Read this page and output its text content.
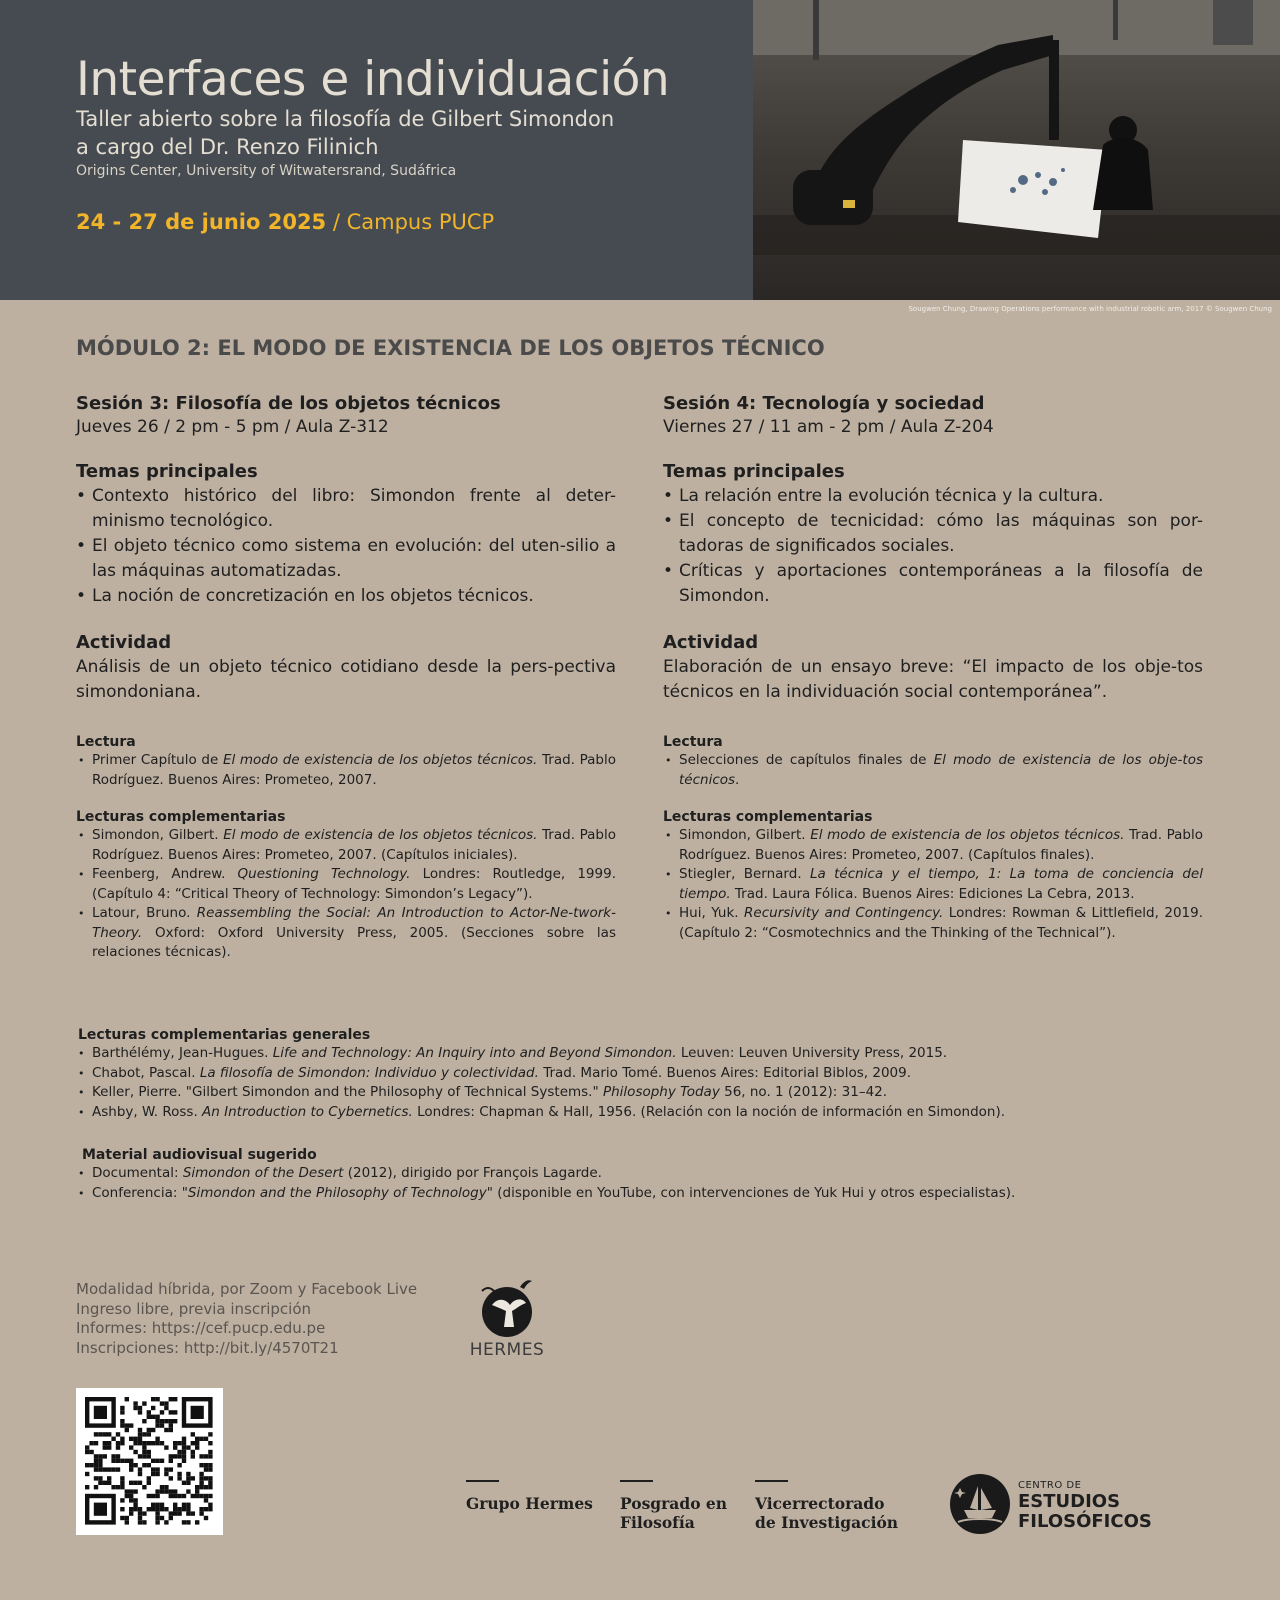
Interfaces e individuación
Taller abierto sobre la filosofía de Gilbert Simondon
a cargo del Dr. Renzo Filinich
Origins Center, University of Witwatersrand, Sudáfrica
24 - 27 de junio 2025 / Campus PUCP
Sougwen Chung, Drawing Operations performance with industrial robotic arm, 2017 © Sougwen Chung
MÓDULO 2: EL MODO DE EXISTENCIA DE LOS OBJETOS TÉCNICO

Sesión 3: Filosofía de los objetos técnicos

Jueves 26 / 2 pm - 5 pm / Aula Z-312

Temas principales

• Contexto histórico del libro: Simondon frente al deter-minismo tecnológico.
• El objeto técnico como sistema en evolución: del uten-silio a las máquinas automatizadas.
• La noción de concretización en los objetos técnicos.

Actividad

Análisis de un objeto técnico cotidiano desde la pers-pectiva simondoniana.

Lectura

• Primer Capítulo de El modo de existencia de los objetos técnicos. Trad. Pablo Rodríguez. Buenos Aires: Prometeo, 2007.

Lecturas complementarias

• Simondon, Gilbert. El modo de existencia de los objetos técnicos. Trad. Pablo Rodríguez. Buenos Aires: Prometeo, 2007. (Capítulos iniciales).
• Feenberg, Andrew. Questioning Technology. Londres: Routledge, 1999. (Capítulo 4: “Critical Theory of Technology: Simondon’s Legacy”).
• Latour, Bruno. Reassembling the Social: An Introduction to Actor-Ne-twork-Theory. Oxford: Oxford University Press, 2005. (Secciones sobre las relaciones técnicas).

Sesión 4: Tecnología y sociedad

Viernes 27 / 11 am - 2 pm / Aula Z-204

Temas principales

• La relación entre la evolución técnica y la cultura.
• El concepto de tecnicidad: cómo las máquinas son por-tadoras de significados sociales.
• Críticas y aportaciones contemporáneas a la filosofía de Simondon.

Actividad

Elaboración de un ensayo breve: “El impacto de los obje-tos técnicos en la individuación social contemporánea”.

Lectura

• Selecciones de capítulos finales de El modo de existencia de los obje-tos técnicos.

Lecturas complementarias

• Simondon, Gilbert. El modo de existencia de los objetos técnicos. Trad. Pablo Rodríguez. Buenos Aires: Prometeo, 2007. (Capítulos finales).
• Stiegler, Bernard. La técnica y el tiempo, 1: La toma de conciencia del tiempo. Trad. Laura Fólica. Buenos Aires: Ediciones La Cebra, 2013.
• Hui, Yuk. Recursivity and Contingency. Londres: Rowman & Littlefield, 2019. (Capítulo 2: “Cosmotechnics and the Thinking of the Technical”).

Lecturas complementarias generales

• Barthélémy, Jean-Hugues. Life and Technology: An Inquiry into and Beyond Simondon. Leuven: Leuven University Press, 2015.
• Chabot, Pascal. La filosofía de Simondon: Individuo y colectividad. Trad. Mario Tomé. Buenos Aires: Editorial Biblos, 2009.
• Keller, Pierre. "Gilbert Simondon and the Philosophy of Technical Systems." Philosophy Today 56, no. 1 (2012): 31–42.
• Ashby, W. Ross. An Introduction to Cybernetics. Londres: Chapman & Hall, 1956. (Relación con la noción de información en Simondon).

Material audiovisual sugerido

• Documental: Simondon of the Desert (2012), dirigido por François Lagarde.
• Conferencia: "Simondon and the Philosophy of Technology" (disponible en YouTube, con intervenciones de Yuk Hui y otros especialistas).
Modalidad híbrida, por Zoom y Facebook Live
Ingreso libre, previa inscripción
Informes: https://cef.pucp.edu.pe
Inscripciones: http://bit.ly/4570T21	HERMES
Grupo Hermes Posgrado en
Filosofía
Vicerrectorado
de Investigación
CENTRO DE
ESTUDIOS
FILOSÓFICOS
